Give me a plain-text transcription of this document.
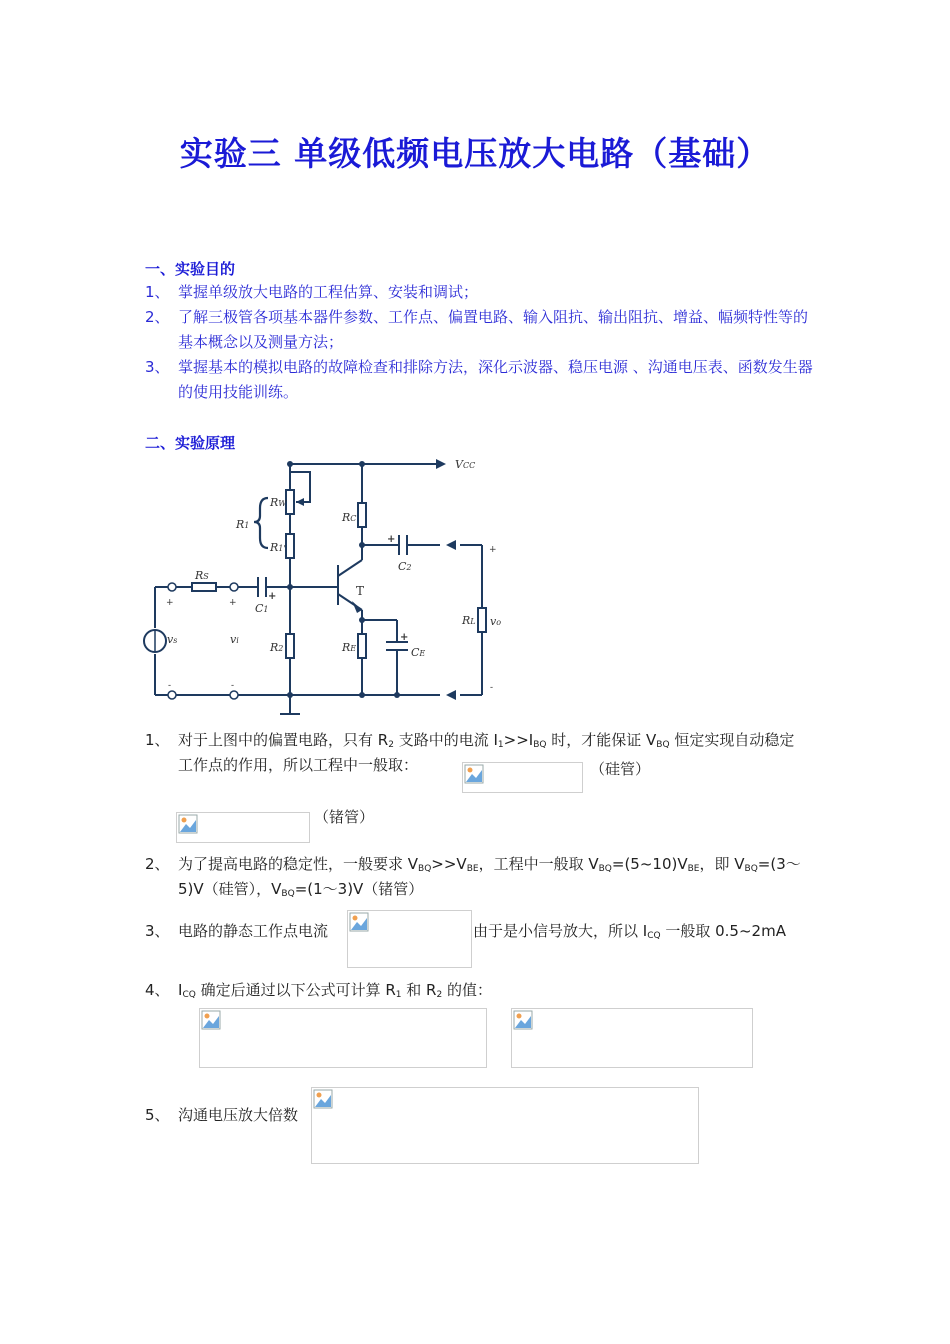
实验三 单级低频电压放大电路（基础）
一、实验目的
1、 掌握单级放大电路的工程估算、安装和调试；
2、 了解三极管各项基本器件参数、工作点、偏置电路、输入阻抗、输出阻抗、增益、幅频特性等的基本概念以及测量方法；
3、 掌握基本的模拟电路的故障检查和排除方法，深化示波器、稳压电源 、沟通电压表、函数发生器的使用技能训练。
二、实验原理
VCC
RW
R1
R1'
RC
C2
RS
C1
RL vo
vs	vi
R2	RE	CE
T
+
+
+
+
+	+
-
-	-
1、 对于上图中的偏置电路，只有 $R_2$ 支路中的电流 $I_1>>I_{BQ}$ 时，才能保证 $V_{BQ}$ 恒定实现自动稳定工作点的作用，所以工程中一般取：	（硅管）
（锗管）
2、 为了提高电路的稳定性，一般要求 $V_{BQ}>>V_{BE}$，工程中一般取 $V_{BQ}=(5\sim 10)V_{BE}$，即 $V_{BQ}=(3\sim 5)V$（硅管），$V_{BQ}=(1\sim 3)V$（锗管）
3、 电路的静态工作点电流	由于是小信号放大，所以 $I_{CQ}$ 一般取 0.5~2mA
4、 $I_{CQ}$ 确定后通过以下公式可计算 $R_1$ 和 $R_2$ 的值：
5、 沟通电压放大倍数
